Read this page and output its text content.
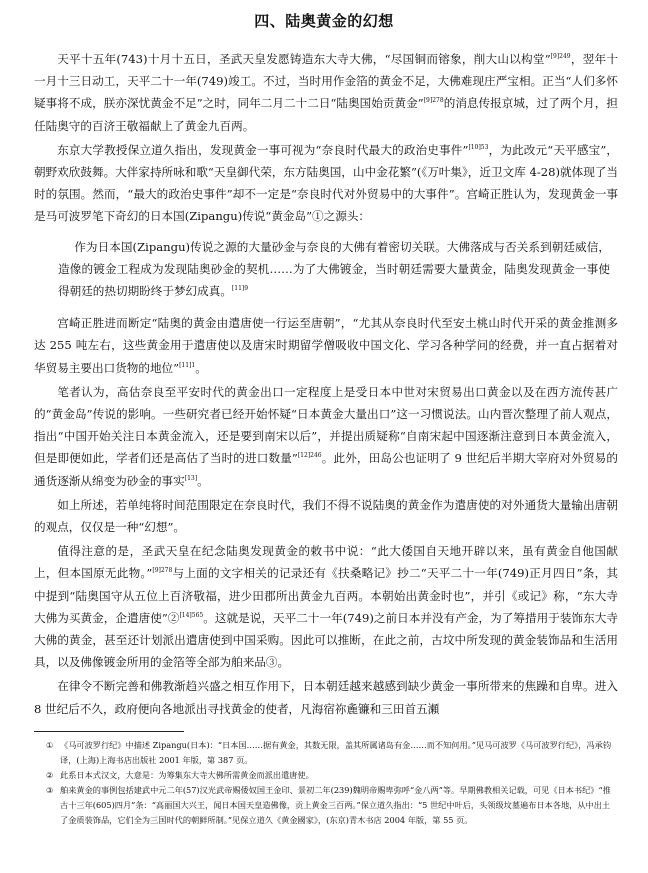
四、陆奥黄金的幻想

天平十五年(743)十月十五日，圣武天皇发愿铸造东大寺大佛，“尽国铜而镕象，削大山以构堂”$^{[9]249}$，翌年十一月十三日动工，天平二十一年(749)竣工。不过，当时用作金箔的黄金不足，大佛难现庄严宝相。正当“人们多怀疑事将不成，朕亦深忧黄金不足”之时，同年二月二十二日“陆奥国始贡黄金”$^{[9]278}$的消息传报京城，过了两个月，担任陆奥守的百济王敬福献上了黄金九百两。

东京大学教授保立道久指出，发现黄金一事可视为“奈良时代最大的政治史事件”$^{[10]53}$，为此改元“天平感宝”，朝野欢欣鼓舞。大伴家持所咏和歌“天皇御代荣，东方陆奥国，山中金花繁”(《万叶集》，近卫文库 4-28)就体现了当时的氛围。然而，“最大的政治史事件”却不一定是“奈良时代对外贸易中的大事件”。宫崎正胜认为，发现黄金一事是马可波罗笔下奇幻的日本国(Zipangu)传说“黄金岛”①之源头：

作为日本国(Zipangu)传说之源的大量砂金与奈良的大佛有着密切关联。大佛落成与否关系到朝廷威信，造像的镀金工程成为发现陆奥砂金的契机……为了大佛镀金，当时朝廷需要大量黄金，陆奥发现黄金一事使得朝廷的热切期盼终于梦幻成真。$^{[11]9}$

宫崎正胜进而断定“陆奥的黄金由遣唐使一行运至唐朝”，“尤其从奈良时代至安土桃山时代开采的黄金推测多达 255 吨左右，这些黄金用于遣唐使以及唐宋时期留学僧吸收中国文化、学习各种学问的经费，并一直占据着对华贸易主要出口货物的地位”$^{[11]1}$。

笔者认为，高估奈良至平安时代的黄金出口一定程度上是受日本中世对宋贸易出口黄金以及在西方流传甚广的“黄金岛”传说的影响。一些研究者已经开始怀疑“日本黄金大量出口”这一习惯说法。山内晋次整理了前人观点，指出“中国开始关注日本黄金流入，还是要到南宋以后”，并提出质疑称“自南宋起中国逐渐注意到日本黄金流入，但是即便如此，学者们还是高估了当时的进口数量”$^{[12]246}$。此外，田岛公也证明了 9 世纪后半期大宰府对外贸易的通货逐渐从绵变为砂金的事实[13]。

如上所述，若单纯将时间范围限定在奈良时代，我们不得不说陆奥的黄金作为遣唐使的对外通货大量输出唐朝的观点，仅仅是一种“幻想”。

值得注意的是，圣武天皇在纪念陆奥发现黄金的敕书中说：“此大倭国自天地开辟以来，虽有黄金自他国献上，但本国原无此物。”$^{[9]278}$与上面的文字相关的记录还有《扶桑略记》抄二“天平二十一年(749)正月四日”条，其中提到“陆奥国守从五位上百济敬福，进少田郡所出黄金九百两。本朝始出黄金时也”，并引《或记》称，“东大寺大佛为买黄金，企遣唐使”②$^{[14]565}$。这就是说，天平二十一年(749)之前日本并没有产金，为了筹措用于装饰东大寺大佛的黄金，甚至还计划派出遣唐使到中国采购。因此可以推断，在此之前，古坟中所发现的黄金装饰品和生活用具，以及佛像镀金所用的金箔等全部为舶来品③。

在律令不断完善和佛教渐趋兴盛之相互作用下，日本朝廷越来越感到缺少黄金一事所带来的焦躁和自卑。进入 8 世纪后不久，政府便向各地派出寻找黄金的使者，凡海宿祢麁镰和三田首五瀬

① 《马可波罗行纪》中描述 Zipangu(日本)：“日本国……据有黄金，其数无限，盖其所属诸岛有金……而不知何用。”见马可波罗《马可波罗行纪》，冯承钧译，(上海)上海书店出版社 2001 年版，第 387 页。
② 此系日本式汉文，大意是：为筹集东大寺大佛所需黄金而派出遣唐使。
③ 舶来黄金的事例包括建武中元二年(57)汉光武帝赐倭奴国王金印、景初二年(239)魏明帝赐卑弥呼“金八两”等。早期佛教相关记载，可见《日本书纪》“推古十三年(605)四月”条：“高丽国大兴王，闻日本国天皇造佛像，贡上黄金三百两。”保立道久指出：“5 世纪中叶后，头领级坟墓遍布日本各地，从中出土了金质装饰品，它们全为三国时代的朝鲜所制。”见保立道久《黄金國家》，(东京)青木书店 2004 年版，第 55 页。
